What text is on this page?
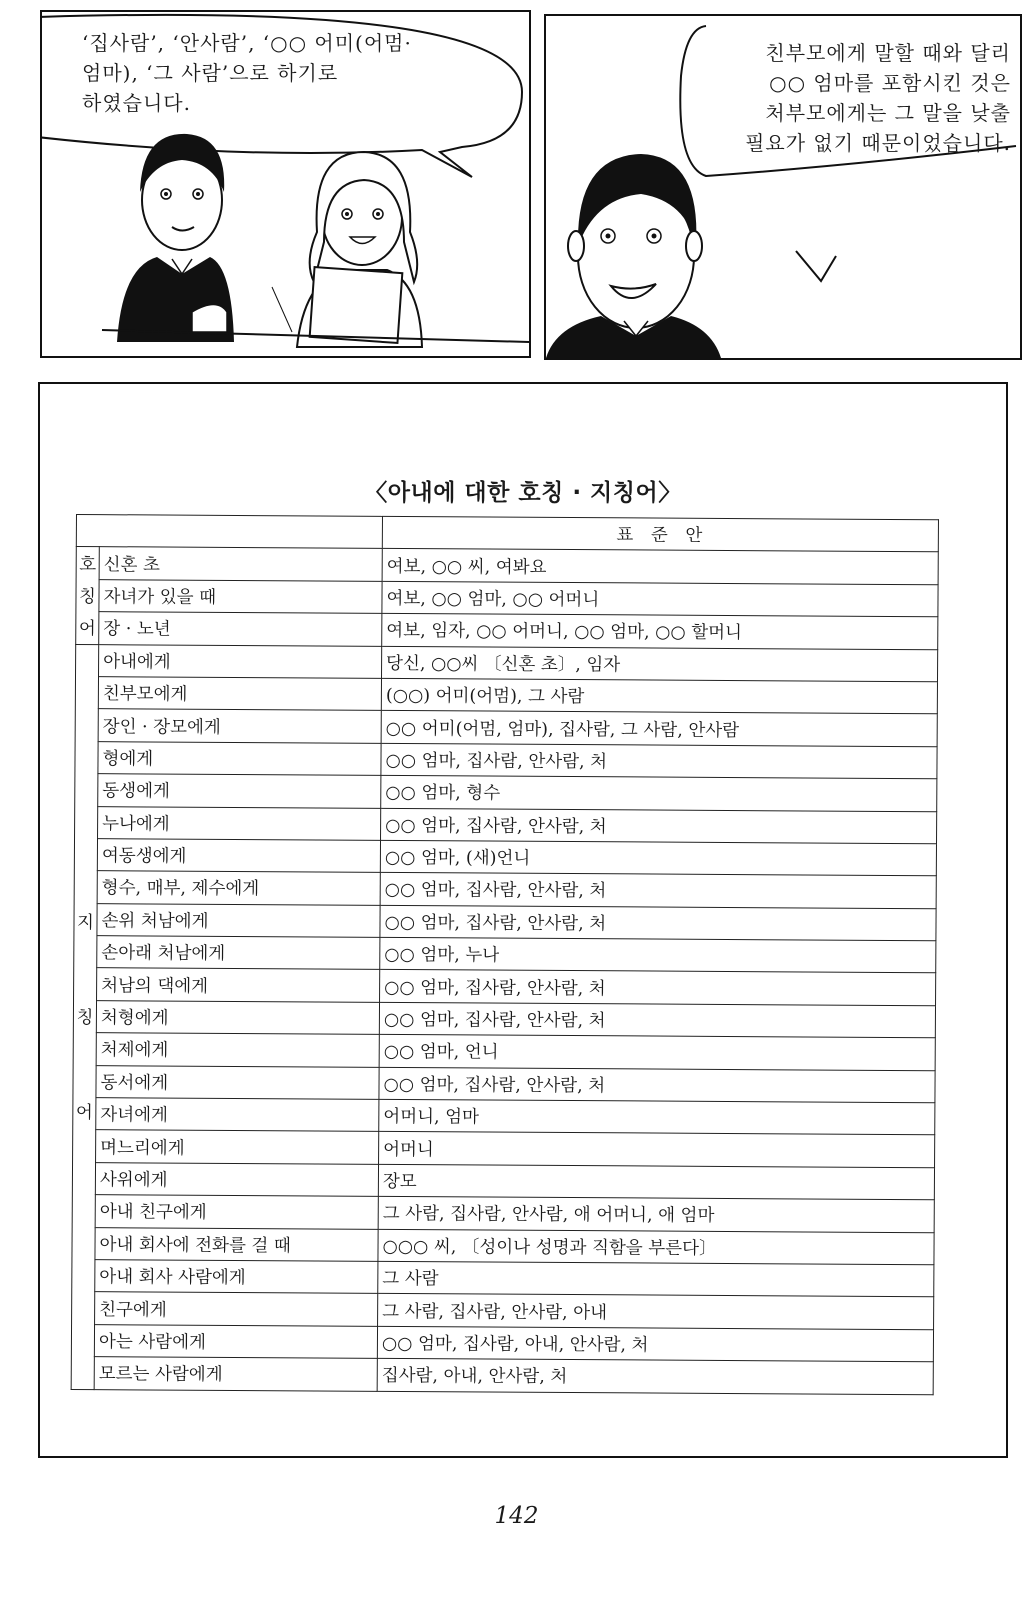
‘집사람’, ‘안사람’, ‘○○ 어미(어멈·
엄마), ‘그 사람’으로 하기로
하였습니다.
친부모에게 말할 때와 달리
○○ 엄마를 포함시킨 것은
처부모에게는 그 말을 낮출
필요가 없기 때문이었습니다.
〈아내에 대한 호칭 · 지칭어〉
		표 준 안

호
칭
어	신혼 초	여보, ○○ 씨, 여봐요
	자녀가 있을 때	여보, ○○ 엄마, ○○ 어머니
	장 · 노년	여보, 임자, ○○ 어머니, ○○ 엄마, ○○ 할머니

지
칭
어	아내에게	당신, ○○씨 〔신혼 초〕, 임자
	친부모에게	(○○) 어미(어멈), 그 사람
	장인 · 장모에게	○○ 어미(어멈, 엄마), 집사람, 그 사람, 안사람
	형에게	○○ 엄마, 집사람, 안사람, 처
	동생에게	○○ 엄마, 형수
	누나에게	○○ 엄마, 집사람, 안사람, 처
	여동생에게	○○ 엄마, (새)언니
	형수, 매부, 제수에게	○○ 엄마, 집사람, 안사람, 처
	손위 처남에게	○○ 엄마, 집사람, 안사람, 처
	손아래 처남에게	○○ 엄마, 누나
	처남의 댁에게	○○ 엄마, 집사람, 안사람, 처
	처형에게	○○ 엄마, 집사람, 안사람, 처
	처제에게	○○ 엄마, 언니
	동서에게	○○ 엄마, 집사람, 안사람, 처
	자녀에게	어머니, 엄마
	며느리에게	어머니
	사위에게	장모
	아내 친구에게	그 사람, 집사람, 안사람, 애 어머니, 애 엄마
	아내 회사에 전화를 걸 때	○○○ 씨, 〔성이나 성명과 직함을 부른다〕
	아내 회사 사람에게	그 사람
	친구에게	그 사람, 집사람, 안사람, 아내
	아는 사람에게	○○ 엄마, 집사람, 아내, 안사람, 처
	모르는 사람에게	집사람, 아내, 안사람, 처
142
